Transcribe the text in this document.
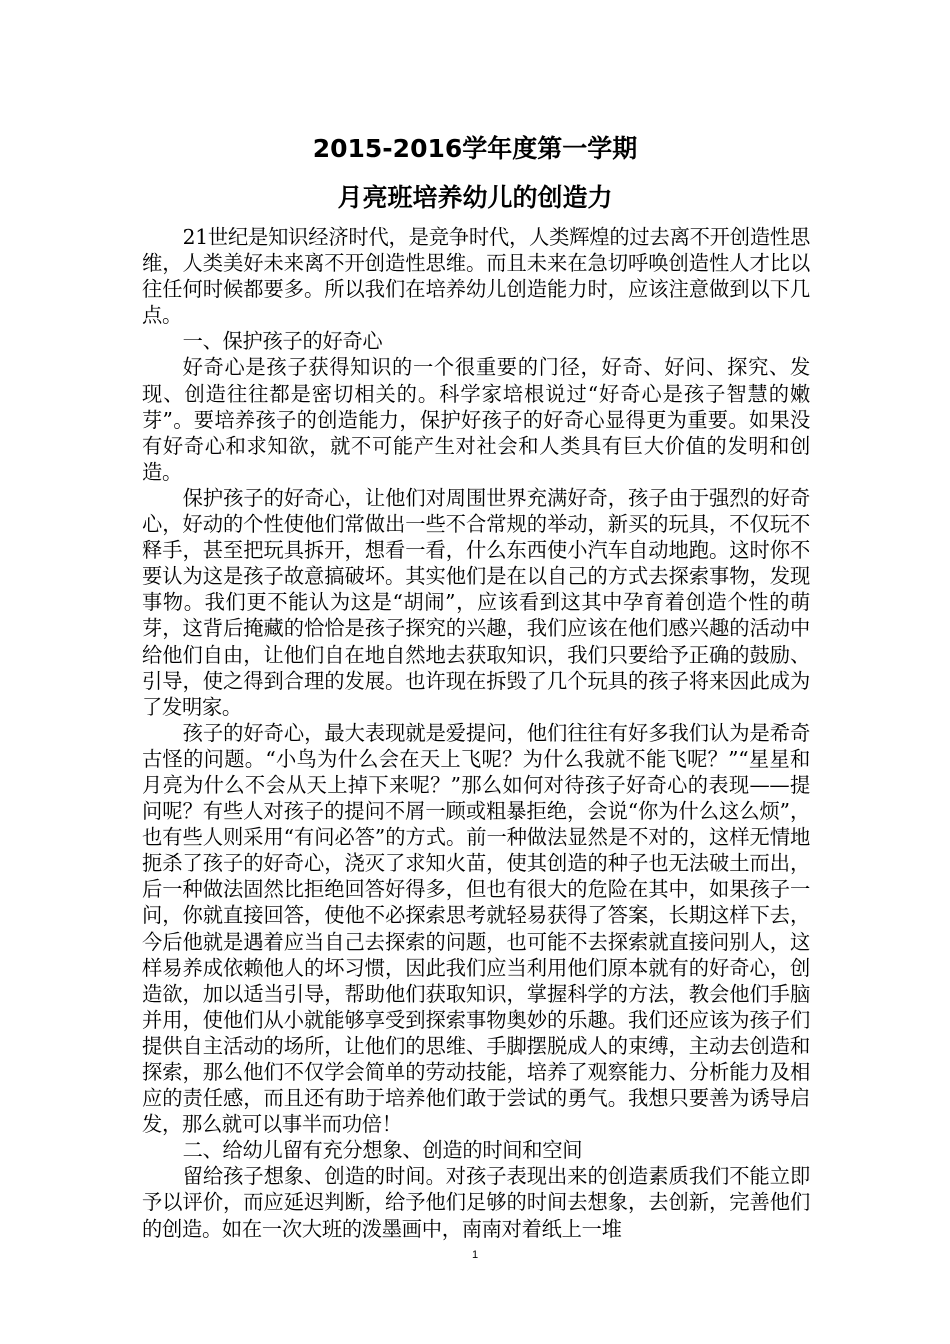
2015-2016学年度第一学期
月亮班培养幼儿的创造力

21世纪是知识经济时代，是竞争时代，人类辉煌的过去离不开创造性思维，人类美好未来离不开创造性思维。而且未来在急切呼唤创造性人才比以往任何时候都要多。所以我们在培养幼儿创造能力时，应该注意做到以下几点。

一、保护孩子的好奇心

好奇心是孩子获得知识的一个很重要的门径，好奇、好问、探究、发现、创造往往都是密切相关的。科学家培根说过“好奇心是孩子智慧的嫩芽”。要培养孩子的创造能力，保护好孩子的好奇心显得更为重要。如果没有好奇心和求知欲，就不可能产生对社会和人类具有巨大价值的发明和创造。

保护孩子的好奇心，让他们对周围世界充满好奇，孩子由于强烈的好奇心，好动的个性使他们常做出一些不合常规的举动，新买的玩具，不仅玩不释手，甚至把玩具拆开，想看一看，什么东西使小汽车自动地跑。这时你不要认为这是孩子故意搞破坏。其实他们是在以自己的方式去探索事物，发现事物。我们更不能认为这是“胡闹”，应该看到这其中孕育着创造个性的萌芽，这背后掩藏的恰恰是孩子探究的兴趣，我们应该在他们感兴趣的活动中给他们自由，让他们自在地自然地去获取知识，我们只要给予正确的鼓励、引导，使之得到合理的发展。也许现在拆毁了几个玩具的孩子将来因此成为了发明家。

孩子的好奇心，最大表现就是爱提问，他们往往有好多我们认为是希奇古怪的问题。“小鸟为什么会在天上飞呢？为什么我就不能飞呢？”“星星和月亮为什么不会从天上掉下来呢？”那么如何对待孩子好奇心的表现——提问呢？有些人对孩子的提问不屑一顾或粗暴拒绝，会说“你为什么这么烦”，也有些人则采用“有问必答”的方式。前一种做法显然是不对的，这样无情地扼杀了孩子的好奇心，浇灭了求知火苗，使其创造的种子也无法破土而出，后一种做法固然比拒绝回答好得多，但也有很大的危险在其中，如果孩子一问，你就直接回答，使他不必探索思考就轻易获得了答案，长期这样下去，今后他就是遇着应当自己去探索的问题，也可能不去探索就直接问别人，这样易养成依赖他人的坏习惯，因此我们应当利用他们原本就有的好奇心，创造欲，加以适当引导，帮助他们获取知识，掌握科学的方法，教会他们手脑并用，使他们从小就能够享受到探索事物奥妙的乐趣。我们还应该为孩子们提供自主活动的场所，让他们的思维、手脚摆脱成人的束缚，主动去创造和探索，那么他们不仅学会简单的劳动技能，培养了观察能力、分析能力及相应的责任感，而且还有助于培养他们敢于尝试的勇气。我想只要善为诱导启发，那么就可以事半而功倍！

二、给幼儿留有充分想象、创造的时间和空间

留给孩子想象、创造的时间。对孩子表现出来的创造素质我们不能立即予以评价，而应延迟判断，给予他们足够的时间去想象，去创新，完善他们的创造。如在一次大班的泼墨画中，南南对着纸上一堆

1
